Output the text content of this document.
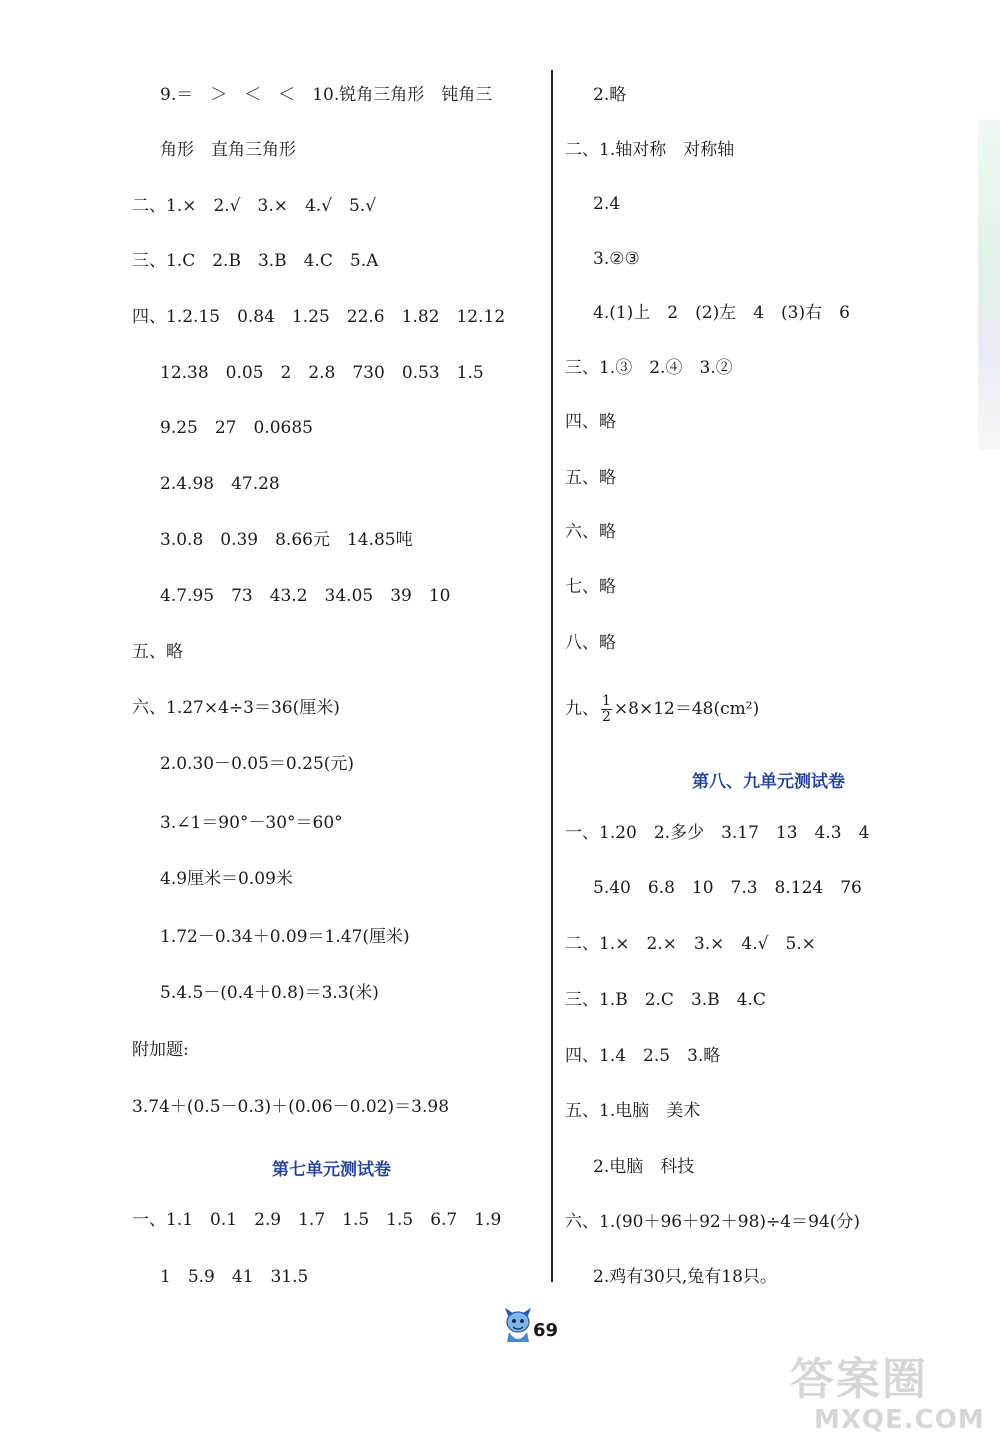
9.＝　＞　＜　＜　10.锐角三角形　钝角三
角形　直角三角形
二、1.×　2.√　3.×　4.√　5.√
三、1.C　2.B　3.B　4.C　5.A
四、1.2.15　0.84　1.25　22.6　1.82　12.12
12.38　0.05　2　2.8　730　0.53　1.5
9.25　27　0.0685
2.4.98　47.28
3.0.8　0.39　8.66元　14.85吨
4.7.95　73　43.2　34.05　39　10
五、略
六、1.27×4÷3＝36(厘米)
2.0.30－0.05＝0.25(元)
3.∠1＝90°－30°＝60°
4.9厘米＝0.09米
1.72－0.34＋0.09＝1.47(厘米)
5.4.5－(0.4＋0.8)＝3.3(米)
附加题:
3.74＋(0.5－0.3)＋(0.06－0.02)＝3.98
第七单元测试卷
一、1.1　0.1　2.9　1.7　1.5　1.5　6.7　1.9
1　5.9　41　31.5
2.略
二、1.轴对称　对称轴
2.4
3.②③
4.(1)上　2　(2)左　4　(3)右　6
三、1.③　2.④　3.②
四、略
五、略
六、略
七、略
八、略
九、 $\frac{1}{2} \times 8\times 12=48(cm^2)$
第八、九单元测试卷
一、1.20　2.多少　3.17　13　4.3　4
5.40　6.8　10　7.3　8.124　76
二、1.×　2.×　3.×　4.√　5.×
三、1.B　2.C　3.B　4.C
四、1.4　2.5　3.略
五、1.电脑　美术
2.电脑　科技
六、1.(90＋96＋92＋98)÷4＝94(分)
2.鸡有30只,兔有18只。
69
答案圈
MXQE.COM
